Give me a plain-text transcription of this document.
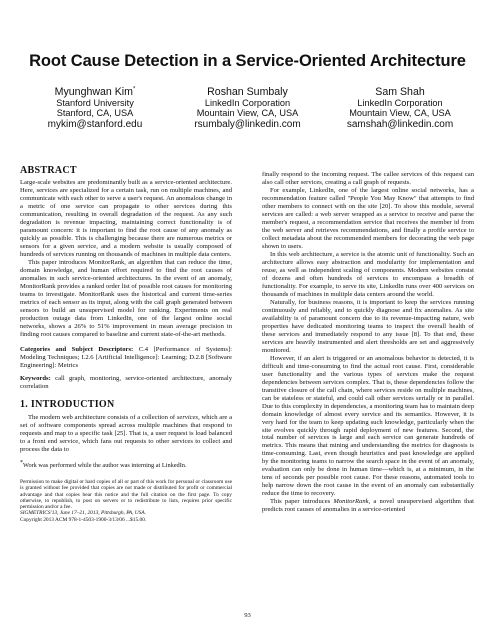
Root Cause Detection in a Service-Oriented Architecture
Myunghwan Kim*
Stanford University
Stanford, CA, USA
mykim@stanford.edu
Roshan Sumbaly
LinkedIn Corporation
Mountain View, CA, USA
rsumbaly@linkedin.com
Sam Shah
LinkedIn Corporation
Mountain View, CA, USA
samshah@linkedin.com
ABSTRACT

Large-scale websites are predominantly built as a service-oriented architecture. Here, services are specialized for a certain task, run on multiple machines, and communicate with each other to serve a user's request. An anomalous change in a metric of one service can propagate to other services during this communication, resulting in overall degradation of the request. As any such degradation is revenue impacting, maintaining correct functionality is of paramount concern: it is important to find the root cause of any anomaly as quickly as possible. This is challenging because there are numerous metrics or sensors for a given service, and a modern website is usually composed of hundreds of services running on thousands of machines in multiple data centers.

This paper introduces MonitorRank, an algorithm that can reduce the time, domain knowledge, and human effort required to find the root causes of anomalies in such service-oriented architectures. In the event of an anomaly, MonitorRank provides a ranked order list of possible root causes for monitoring teams to investigate. MonitorRank uses the historical and current time-series metrics of each sensor as its input, along with the call graph generated between sensors to build an unsupervised model for ranking. Experiments on real production outage data from LinkedIn, one of the largest online social networks, shows a 26% to 51% improvement in mean average precision in finding root causes compared to baseline and current state-of-the-art methods.

Categories and Subject Descriptors: C.4 [Performance of Systems]: Modeling Techniques; I.2.6 [Artificial Intelligence]: Learning; D.2.8 [Software Engineering]: Metrics

Keywords: call graph, monitoring, service-oriented architecture, anomaly correlation

1. INTRODUCTION

The modern web architecture consists of a collection of services, which are a set of software components spread across multiple machines that respond to requests and map to a specific task [25]. That is, a user request is load balanced to a front end service, which fans out requests to other services to collect and process the data to

*Work was performed while the author was interning at LinkedIn.

Permission to make digital or hard copies of all or part of this work for personal or classroom use is granted without fee provided that copies are not made or distributed for profit or commercial advantage and that copies bear this notice and the full citation on the first page. To copy otherwise, to republish, to post on servers or to redistribute to lists, requires prior specific permission and/or a fee.
SIGMETRICS'13, June 17–21, 2013, Pittsburgh, PA, USA.
Copyright 2013 ACM 978-1-4503-1900-3/13/06 ...$15.00.

finally respond to the incoming request. The callee services of this request can also call other services, creating a call graph of requests.

For example, LinkedIn, one of the largest online social networks, has a recommendation feature called "People You May Know" that attempts to find other members to connect with on the site [20]. To show this module, several services are called: a web server wrapped as a service to receive and parse the member's request, a recommendation service that receives the member id from the web server and retrieves recommendations, and finally a profile service to collect metadata about the recommended members for decorating the web page shown to users.

In this web architecture, a service is the atomic unit of functionality. Such an architecture allows easy abstraction and modularity for implementation and reuse, as well as independent scaling of components. Modern websites consist of dozens and often hundreds of services to encompass a breadth of functionality. For example, to serve its site, LinkedIn runs over 400 services on thousands of machines in multiple data centers around the world.

Naturally, for business reasons, it is important to keep the services running continuously and reliably, and to quickly diagnose and fix anomalies. As site availability is of paramount concern due to its revenue-impacting nature, web properties have dedicated monitoring teams to inspect the overall health of these services and immediately respond to any issue [8]. To that end, these services are heavily instrumented and alert thresholds are set and aggressively monitored.

However, if an alert is triggered or an anomalous behavior is detected, it is difficult and time-consuming to find the actual root cause. First, considerable user functionality and the various types of services make the request dependencies between services complex. That is, these dependencies follow the transitive closure of the call chain, where services reside on multiple machines, can be stateless or stateful, and could call other services serially or in parallel. Due to this complexity in dependencies, a monitoring team has to maintain deep domain knowledge of almost every service and its semantics. However, it is very hard for the team to keep updating such knowledge, particularly when the site evolves quickly through rapid deployment of new features. Second, the total number of services is large and each service can generate hundreds of metrics. This means that mining and understanding the metrics for diagnosis is time-consuming. Last, even though heuristics and past knowledge are applied by the monitoring teams to narrow the search space in the event of an anomaly, evaluation can only be done in human time—which is, at a minimum, in the tens of seconds per possible root cause. For these reasons, automated tools to help narrow down the root cause in the event of an anomaly can substantially reduce the time to recovery.

This paper introduces MonitorRank, a novel unsupervised algorithm that predicts root causes of anomalies in a service-oriented

93
